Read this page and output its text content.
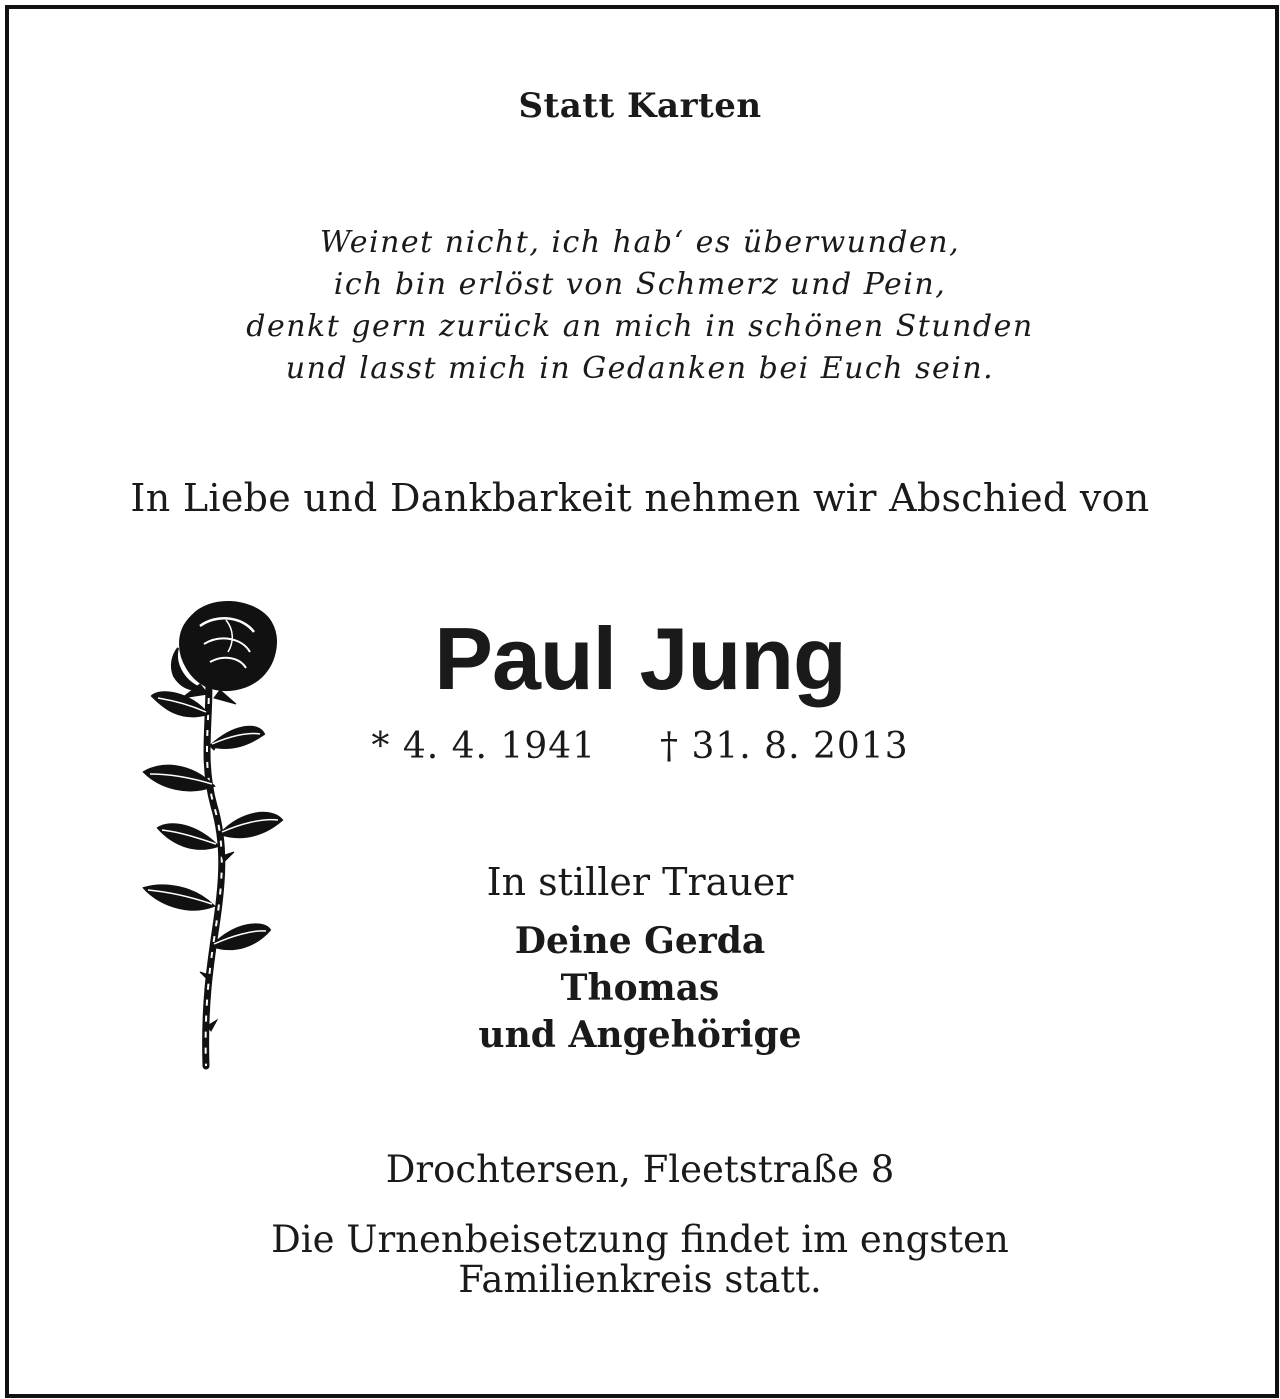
Statt Karten
Weinet nicht, ich hab‘ es überwunden,
ich bin erlöst von Schmerz und Pein,
denkt gern zurück an mich in schönen Stunden
und lasst mich in Gedanken bei Euch sein.
In Liebe und Dankbarkeit nehmen wir Abschied von
Paul Jung
* 4. 4. 1941 † 31. 8. 2013
In stiller Trauer
Deine Gerda
Thomas
und Angehörige
Drochtersen, Fleetstraße 8
Die Urnenbeisetzung findet im engsten
Familienkreis statt.
